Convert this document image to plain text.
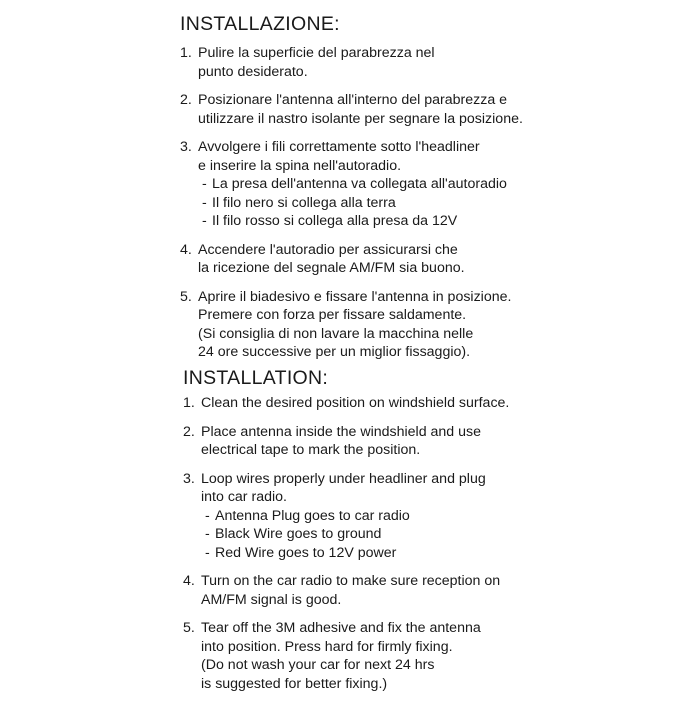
INSTALLAZIONE:
1. Pulire la superficie del parabrezza nel
punto desiderato.
2. Posizionare l'antenna all'interno del parabrezza e
utilizzare il nastro isolante per segnare la posizione.
3. Avvolgere i fili correttamente sotto l'headliner
e inserire la spina nell'autoradio.
- La presa dell'antenna va collegata all'autoradio
- Il filo nero si collega alla terra
- Il filo rosso si collega alla presa da 12V
4. Accendere l'autoradio per assicurarsi che
la ricezione del segnale AM/FM sia buono.
5. Aprire il biadesivo e fissare l'antenna in posizione.
Premere con forza per fissare saldamente.
(Si consiglia di non lavare la macchina nelle
24 ore successive per un miglior fissaggio).
INSTALLATION:
1. Clean the desired position on windshield surface.
2. Place antenna inside the windshield and use
electrical tape to mark the position.
3. Loop wires properly under headliner and plug
into car radio.
- Antenna Plug goes to car radio
- Black Wire goes to ground
- Red Wire goes to 12V power
4. Turn on the car radio to make sure reception on
AM/FM signal is good.
5. Tear off the 3M adhesive and fix the antenna
into position. Press hard for firmly fixing.
(Do not wash your car for next 24 hrs
is suggested for better fixing.)
